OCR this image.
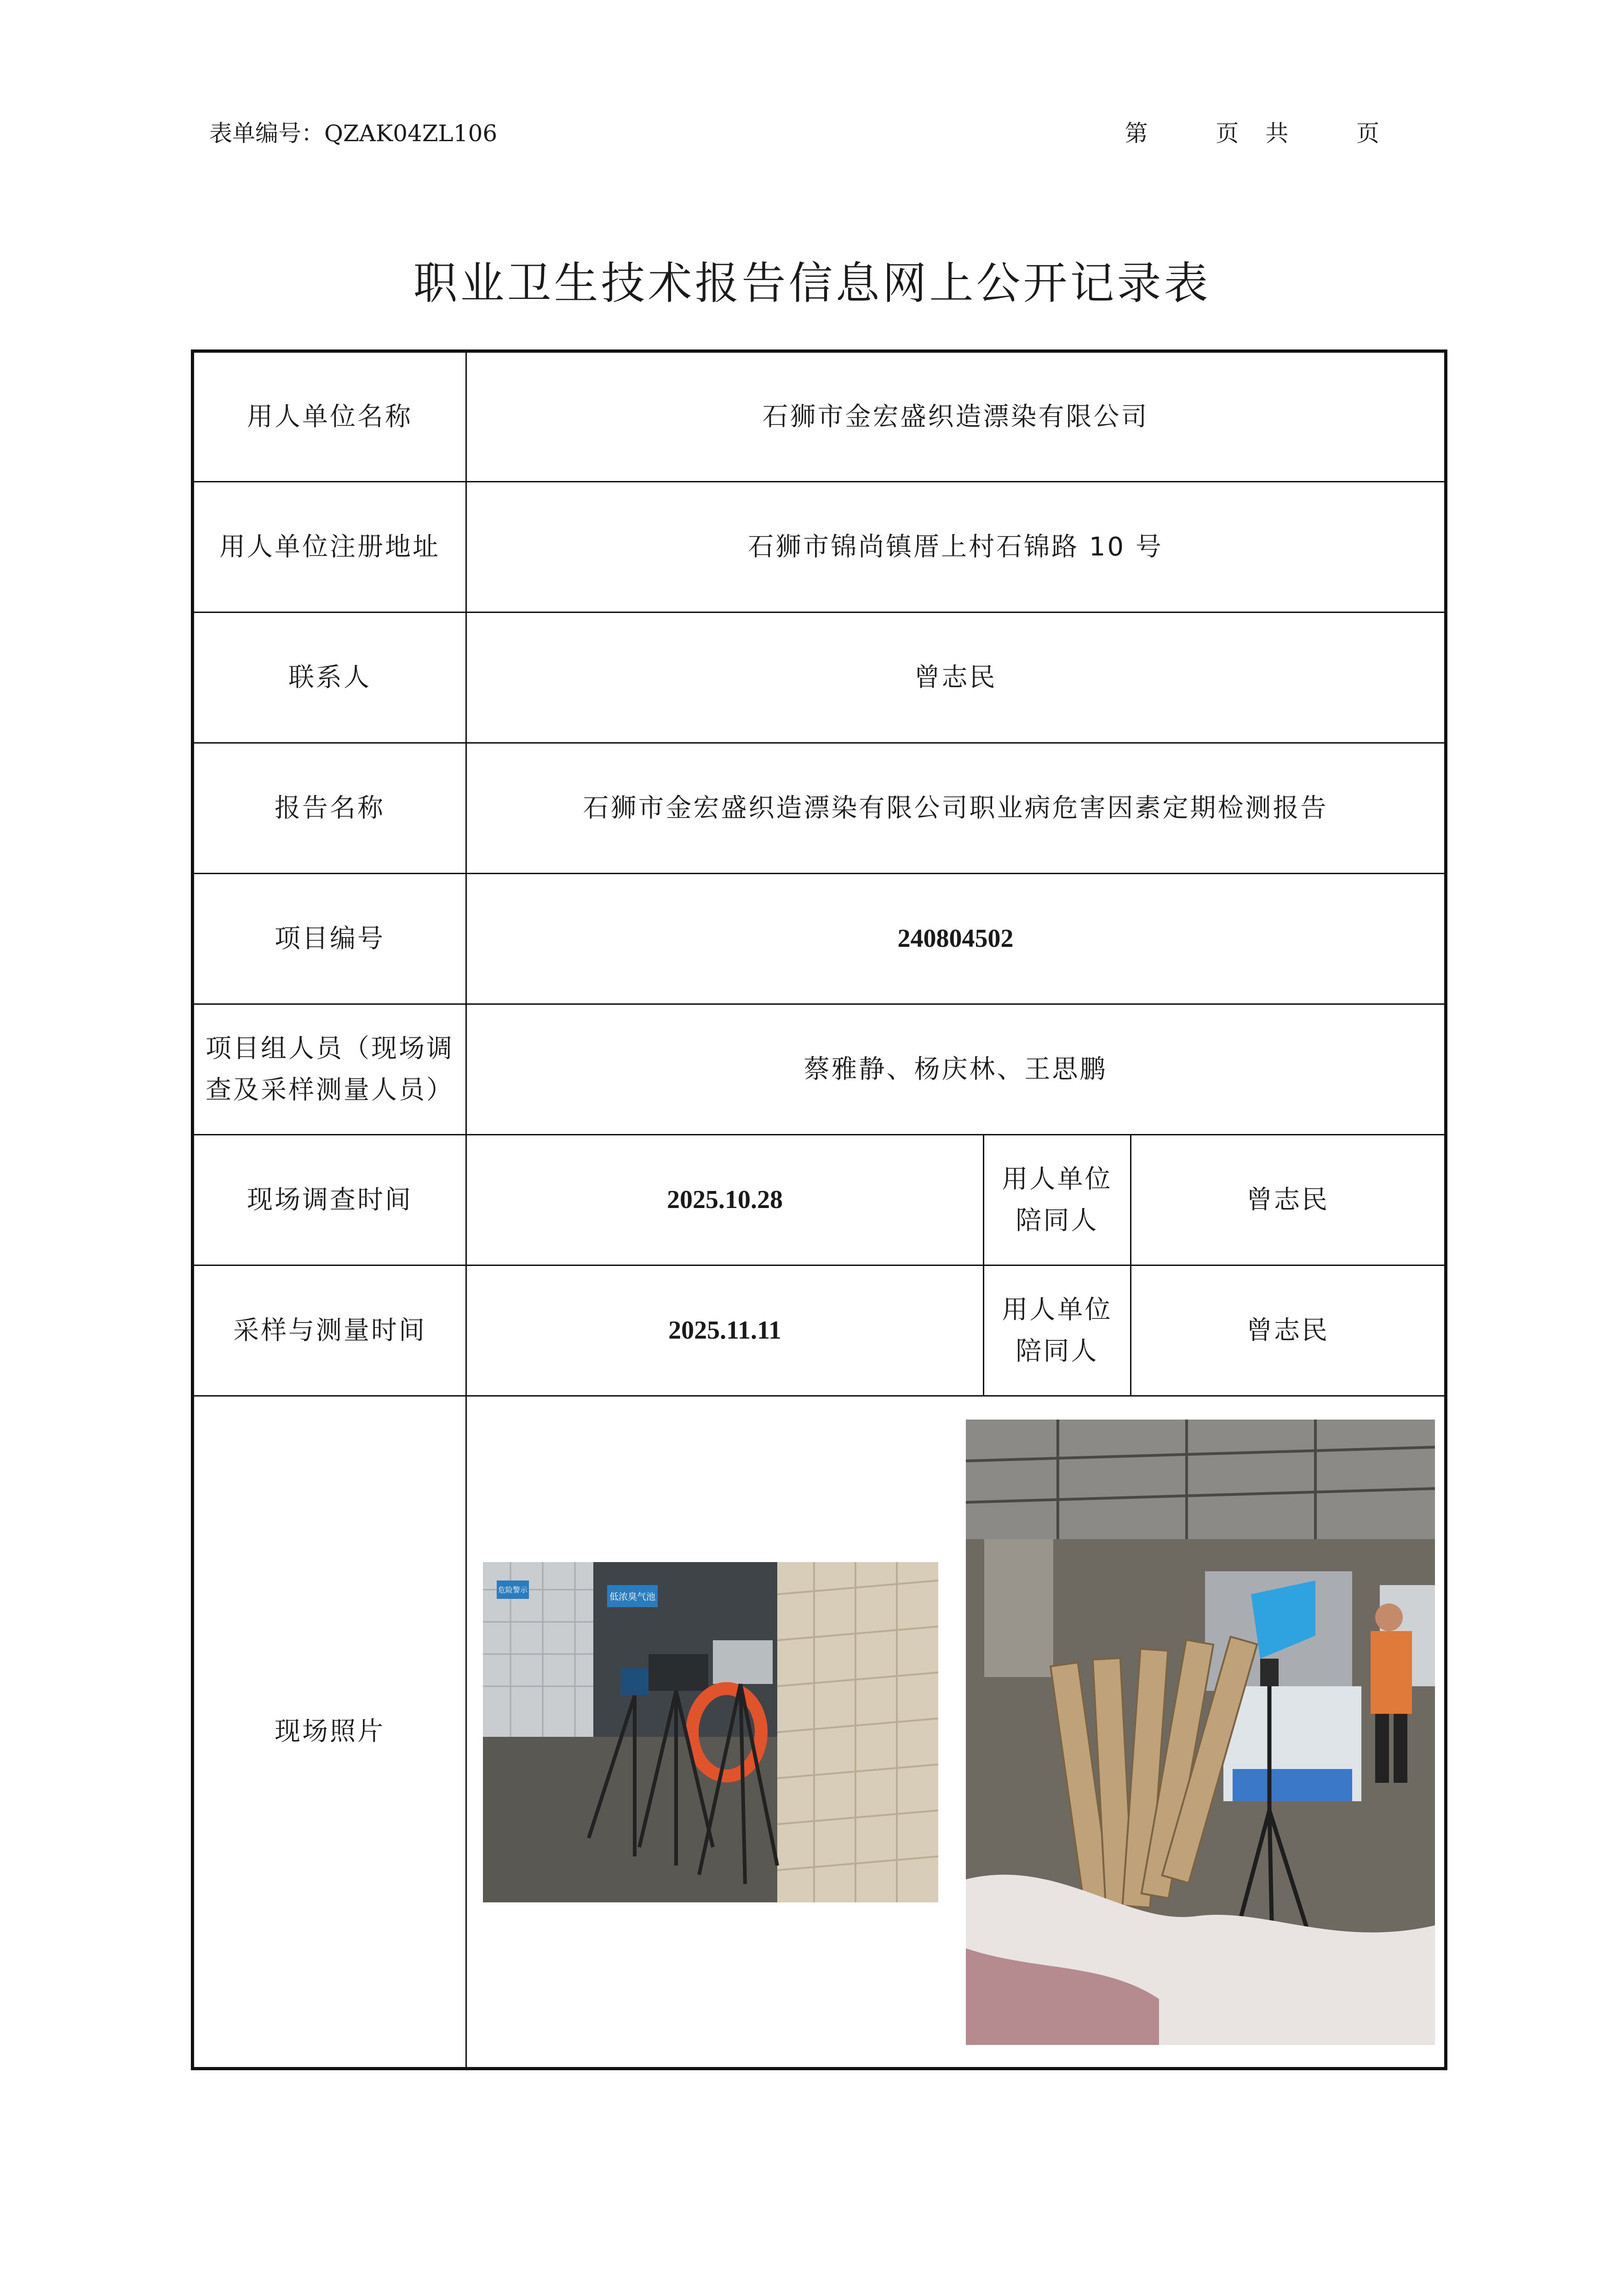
表单编号：QZAK04ZL106	第	页 共	页
职业卫生技术报告信息网上公开记录表
用人单位名称	石狮市金宏盛织造漂染有限公司		
用人单位注册地址	石狮市锦尚镇厝上村石锦路 10 号		
联系人	曾志民		
报告名称	石狮市金宏盛织造漂染有限公司职业病危害因素定期检测报告		
项目编号	240804502		
项目组人员（现场调查及采样测量人员）	蔡雅静、杨庆林、王思鹏		
现场调查时间	2025.10.28	用人单位陪同人	曾志民
采样与测量时间	2025.11.11	用人单位陪同人	曾志民
现场照片	危险警示
低浓臭气池		
